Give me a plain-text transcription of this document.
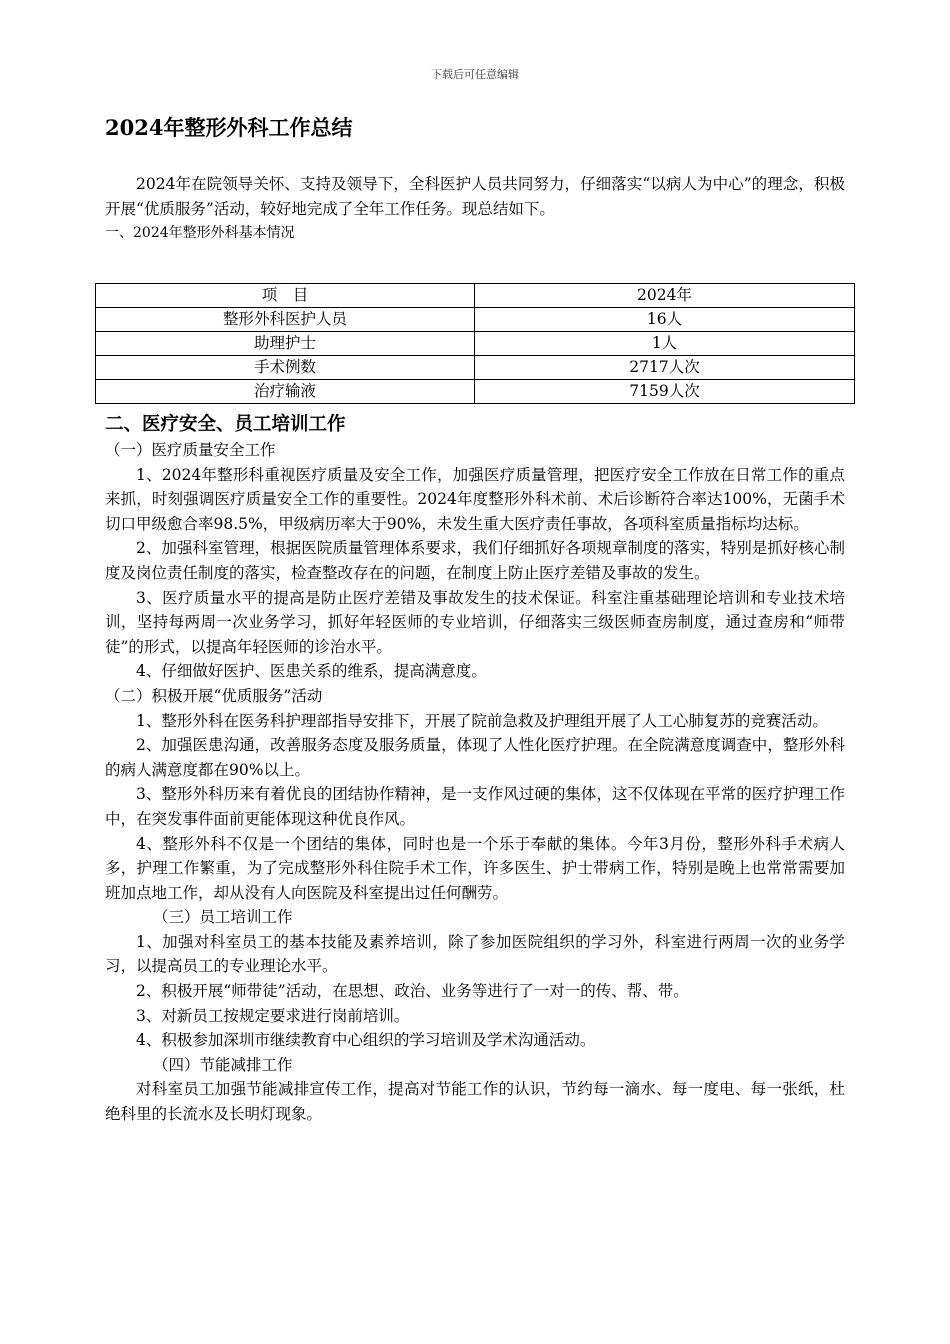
下载后可任意编辑
2024年整形外科工作总结

2024年在院领导关怀、支持及领导下，全科医护人员共同努力，仔细落实“以病人为中心”的理念，积极开展“优质服务”活动，较好地完成了全年工作任务。现总结如下。

一、2024年整形外科基本情况

项　目	2024年
整形外科医护人员	16人
助理护士	1人
手术例数	2717人次
治疗输液	7159人次

二、医疗安全、员工培训工作

（一）医疗质量安全工作

1、2024年整形科重视医疗质量及安全工作，加强医疗质量管理，把医疗安全工作放在日常工作的重点来抓，时刻强调医疗质量安全工作的重要性。2024年度整形外科术前、术后诊断符合率达100%，无菌手术切口甲级愈合率98.5%，甲级病历率大于90%，未发生重大医疗责任事故，各项科室质量指标均达标。

2、加强科室管理，根据医院质量管理体系要求，我们仔细抓好各项规章制度的落实，特别是抓好核心制度及岗位责任制度的落实，检查整改存在的问题，在制度上防止医疗差错及事故的发生。

3、医疗质量水平的提高是防止医疗差错及事故发生的技术保证。科室注重基础理论培训和专业技术培训，坚持每两周一次业务学习，抓好年轻医师的专业培训，仔细落实三级医师查房制度，通过查房和“师带徒”的形式，以提高年轻医师的诊治水平。

4、仔细做好医护、医患关系的维系，提高满意度。

（二）积极开展“优质服务”活动

1、整形外科在医务科护理部指导安排下，开展了院前急救及护理组开展了人工心肺复苏的竞赛活动。

2、加强医患沟通，改善服务态度及服务质量，体现了人性化医疗护理。在全院满意度调查中，整形外科的病人满意度都在90%以上。

3、整形外科历来有着优良的团结协作精神，是一支作风过硬的集体，这不仅体现在平常的医疗护理工作中，在突发事件面前更能体现这种优良作风。

4、整形外科不仅是一个团结的集体，同时也是一个乐于奉献的集体。今年3月份，整形外科手术病人多，护理工作繁重，为了完成整形外科住院手术工作，许多医生、护士带病工作，特别是晚上也常常需要加班加点地工作，却从没有人向医院及科室提出过任何酬劳。

（三）员工培训工作

1、加强对科室员工的基本技能及素养培训，除了参加医院组织的学习外，科室进行两周一次的业务学习，以提高员工的专业理论水平。

2、积极开展“师带徒”活动，在思想、政治、业务等进行了一对一的传、帮、带。

3、对新员工按规定要求进行岗前培训。

4、积极参加深圳市继续教育中心组织的学习培训及学术沟通活动。

（四）节能减排工作

对科室员工加强节能减排宣传工作，提高对节能工作的认识，节约每一滴水、每一度电、每一张纸，杜绝科里的长流水及长明灯现象。
